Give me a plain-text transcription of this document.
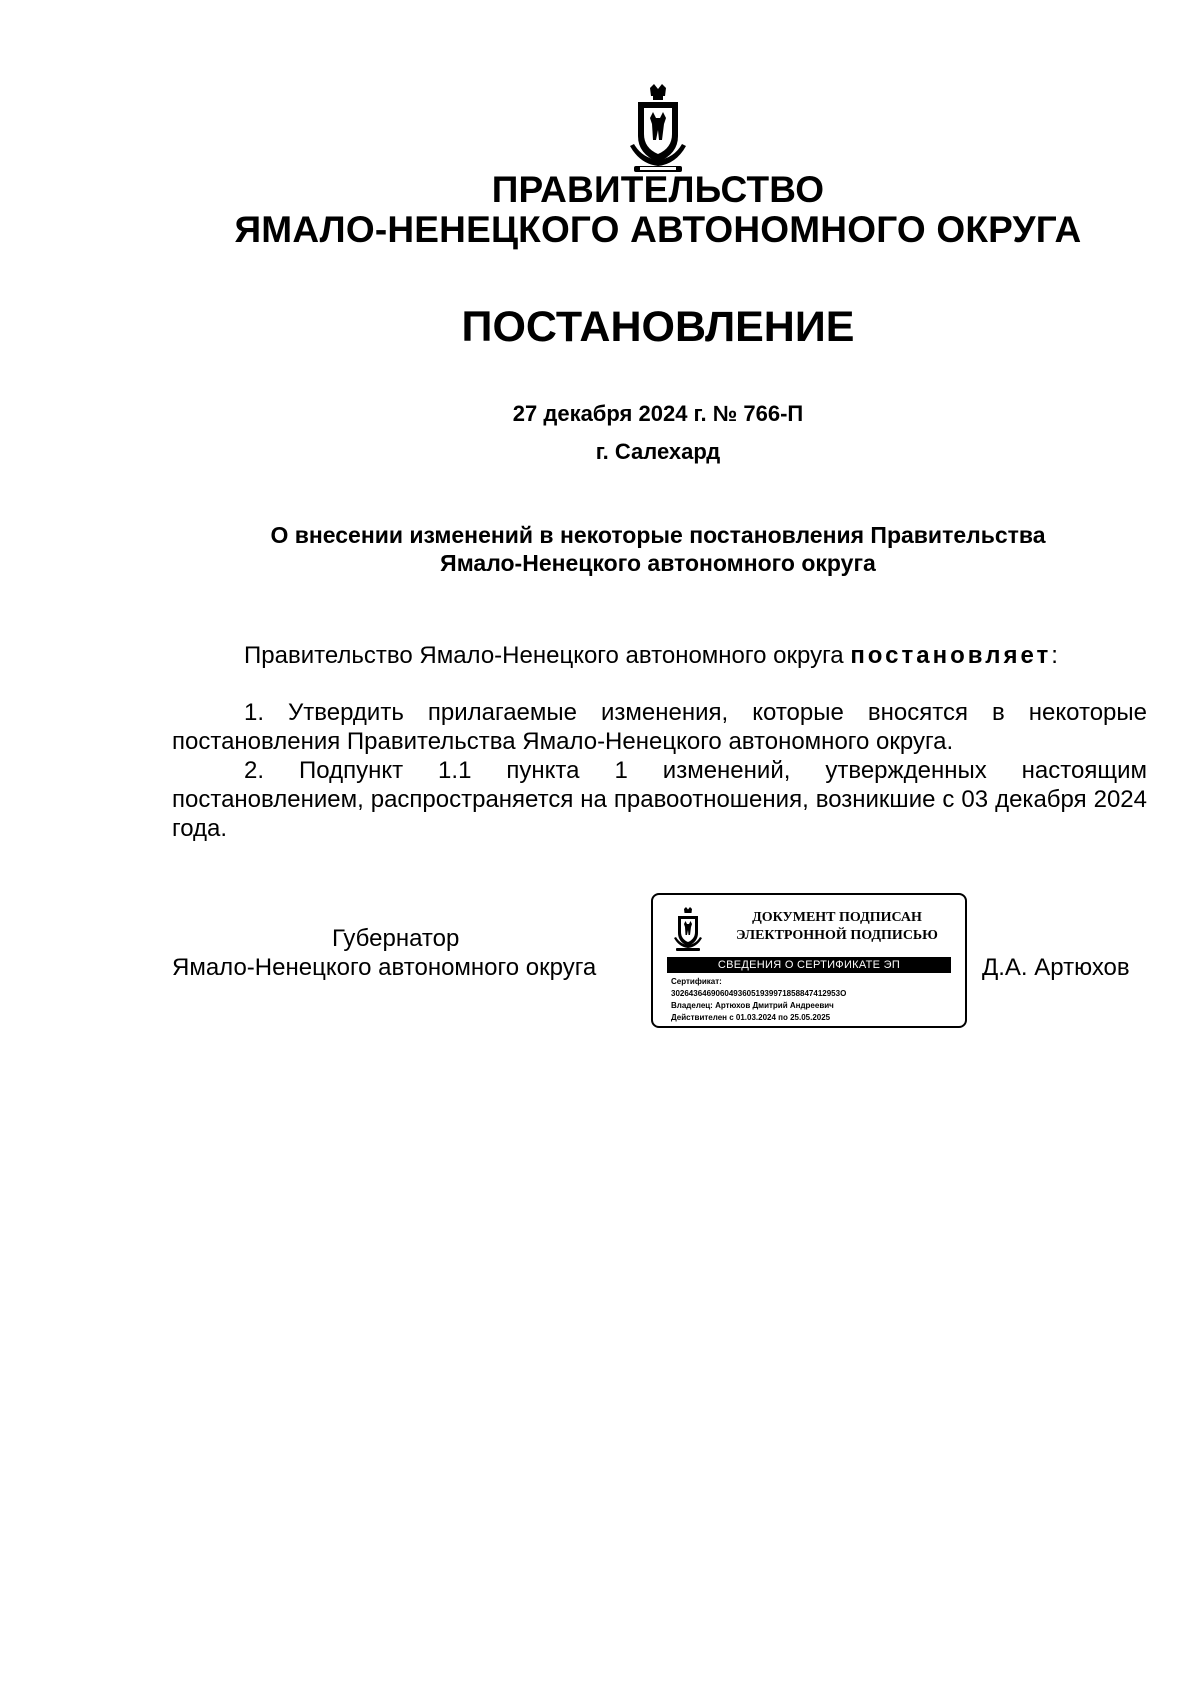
ПРАВИТЕЛЬСТВО
ЯМАЛО-НЕНЕЦКОГО АВТОНОМНОГО ОКРУГА
ПОСТАНОВЛЕНИЕ
27 декабря 2024 г. № 766-П
г. Салехард
О внесении изменений в некоторые постановления Правительства
Ямало-Ненецкого автономного округа
Правительство Ямало-Ненецкого автономного округа постановляет:
1. Утвердить прилагаемые изменения, которые вносятся в некоторые постановления Правительства Ямало-Ненецкого автономного округа.
2. Подпункт 1.1 пункта 1 изменений, утвержденных настоящим постановлением, распространяется на правоотношения, возникшие с 03 декабря 2024 года.
Губернатор
Ямало-Ненецкого автономного округа
ДОКУМЕНТ ПОДПИСАН
ЭЛЕКТРОННОЙ ПОДПИСЬЮ
СВЕДЕНИЯ О СЕРТИФИКАТЕ ЭП
Сертификат:
30264364690604936051939971858847412953O
Владелец: Артюхов Дмитрий Андреевич
Действителен с 01.03.2024 по 25.05.2025
Д.А. Артюхов
